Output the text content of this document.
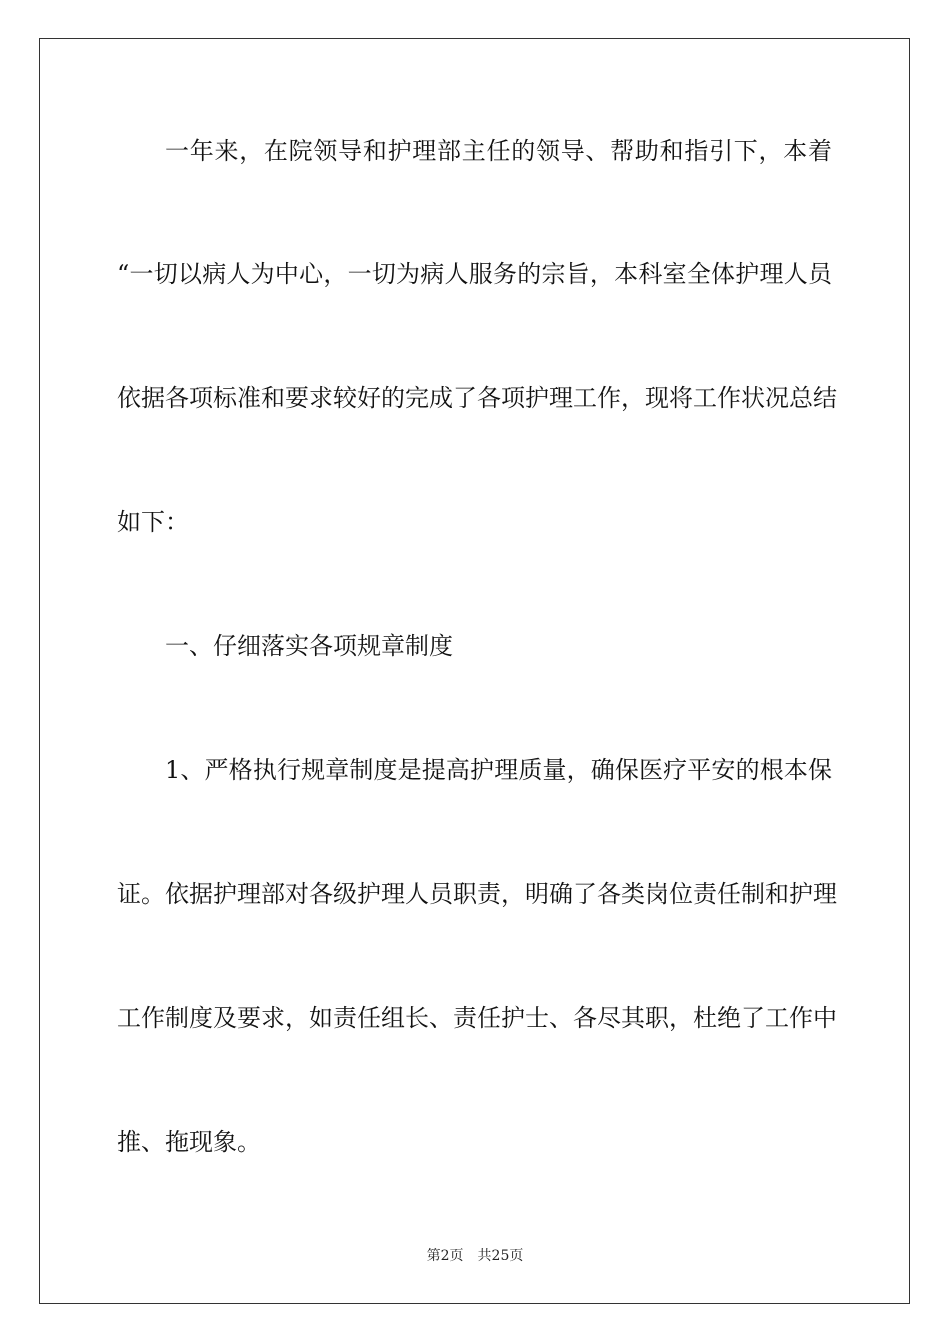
一年来，在院领导和护理部主任的领导、帮助和指引下，本着
“一切以病人为中心，一切为病人服务的宗旨，本科室全体护理人员
依据各项标准和要求较好的完成了各项护理工作，现将工作状况总结
如下：
一、仔细落实各项规章制度
1、严格执行规章制度是提高护理质量，确保医疗平安的根本保
证。依据护理部对各级护理人员职责，明确了各类岗位责任制和护理
工作制度及要求，如责任组长、责任护士、各尽其职，杜绝了工作中
推、拖现象。
第2页 共25页
